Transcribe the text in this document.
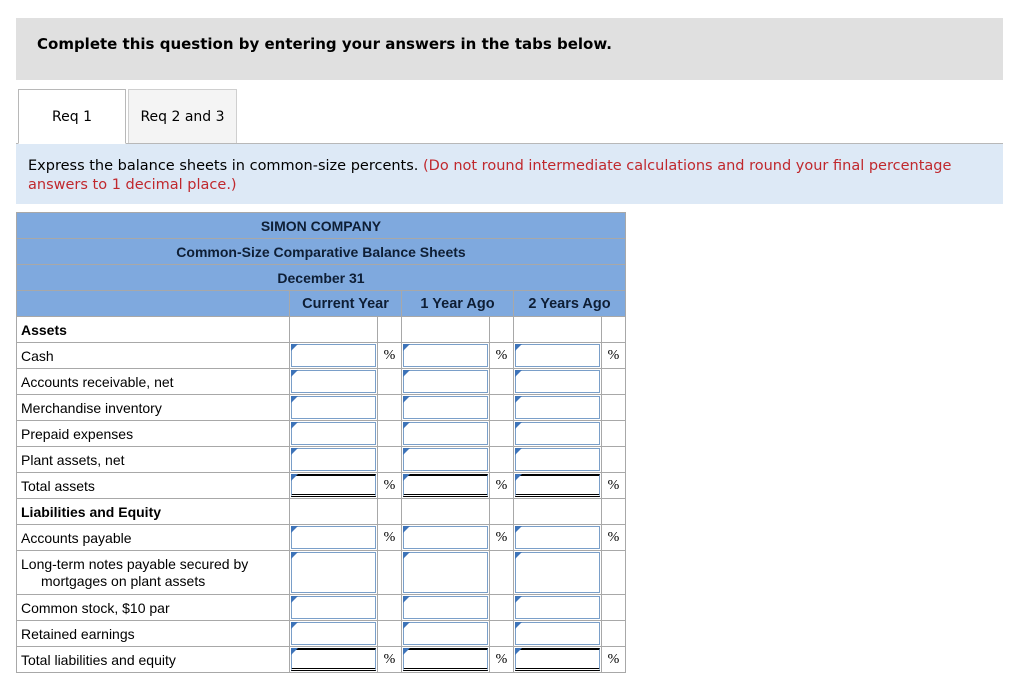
Complete this question by entering your answers in the tabs below.
Req 1	Req 2 and 3
Express the balance sheets in common-size percents. (Do not round intermediate calculations and round your final percentage answers to 1 decimal place.)
SIMON COMPANY						
Common-Size Comparative Balance Sheets						
December 31						
	Current Year		1 Year Ago		2 Years Ago	
Assets						
Cash		%		%		%
Accounts receivable, net	

Merchandise inventory	

Prepaid expenses	

Plant assets, net	

Total assets		%		%		%
Liabilities and Equity						
Accounts payable		%		%		%
Long-term notes payable secured by
mortgages on plant assets	

Common stock, $10 par	

Retained earnings	

Total liabilities and equity		%		%		%
